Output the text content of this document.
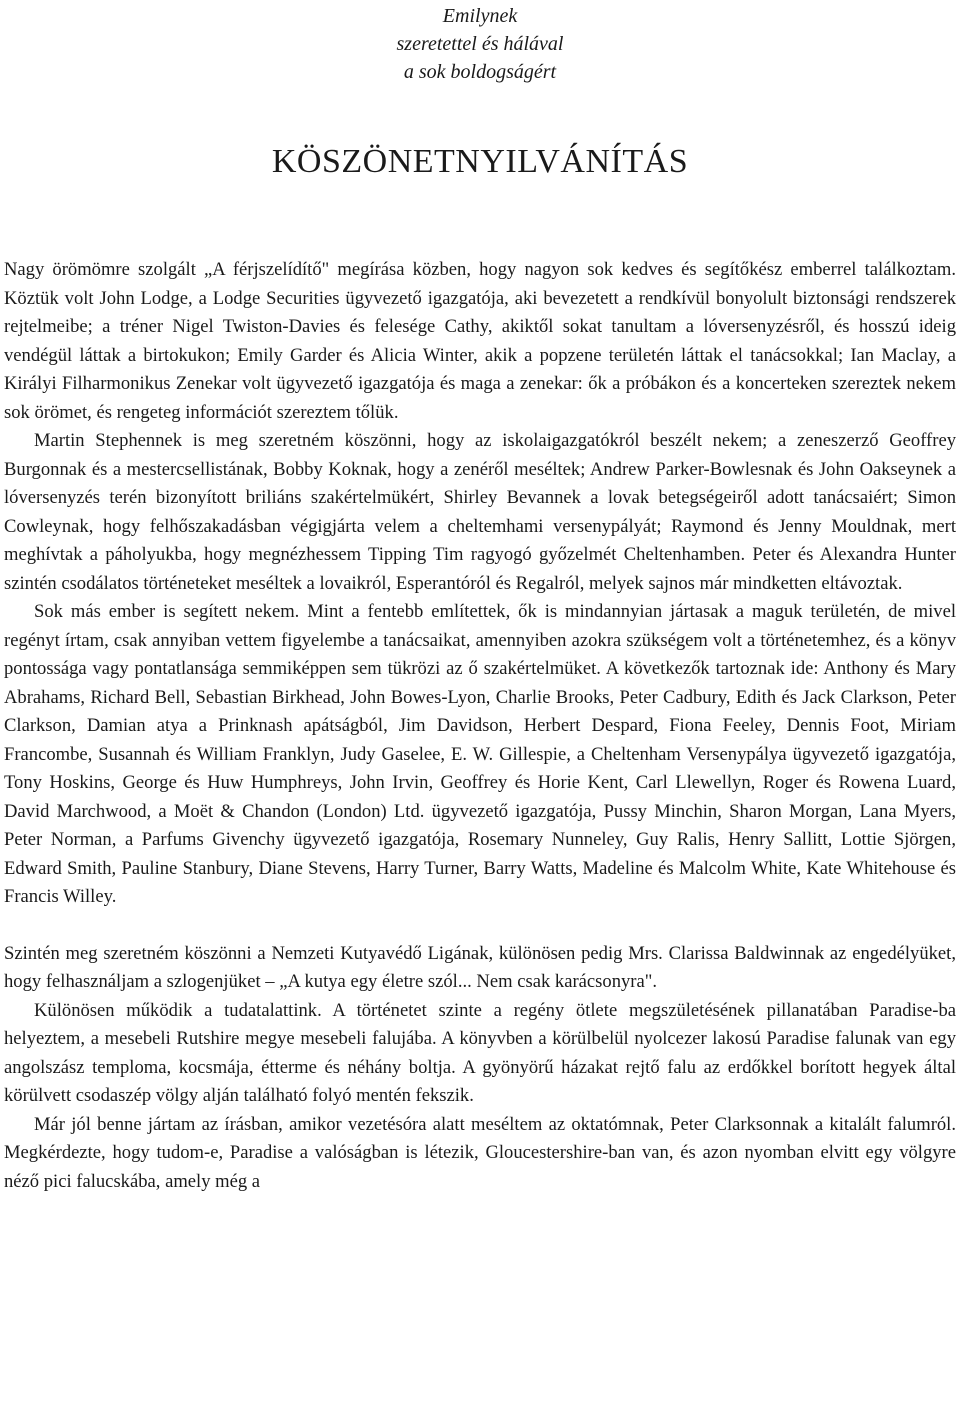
Emilynek
szeretettel és hálával
a sok boldogságért
KÖSZÖNETNYILVÁNÍTÁS

Nagy örömömre szolgált „A férjszelídítő" megírása közben, hogy nagyon sok kedves és segítőkész emberrel találkoztam. Köztük volt John Lodge, a Lodge Securities ügyvezető igazgatója, aki bevezetett a rendkívül bonyolult biztonsági rendszerek rejtelmeibe; a tréner Nigel Twiston-Davies és felesége Cathy, akiktől sokat tanultam a lóversenyzésről, és hosszú ideig vendégül láttak a birtokukon; Emily Garder és Alicia Winter, akik a popzene területén láttak el tanácsokkal; Ian Maclay, a Királyi Filharmonikus Zenekar volt ügyvezető igazgatója és maga a zenekar: ők a próbákon és a koncerteken szereztek nekem sok örömet, és rengeteg információt szereztem tőlük.

Martin Stephennek is meg szeretném köszönni, hogy az iskolaigazgatókról beszélt nekem; a zeneszerző Geoffrey Burgonnak és a mestercsellistának, Bobby Koknak, hogy a zenéről meséltek; Andrew Parker-Bowlesnak és John Oakseynek a lóversenyzés terén bizonyított briliáns szakértelmükért, Shirley Bevannek a lovak betegségeiről adott tanácsaiért; Simon Cowleynak, hogy felhőszakadásban végigjárta velem a cheltemhami versenypályát; Raymond és Jenny Mouldnak, mert meghívtak a páholyukba, hogy megnézhessem Tipping Tim ragyogó győzelmét Cheltenhamben. Peter és Alexandra Hunter szintén csodálatos történeteket meséltek a lovaikról, Esperantóról és Regalról, melyek sajnos már mindketten eltávoztak.

Sok más ember is segített nekem. Mint a fentebb említettek, ők is mindannyian jártasak a maguk területén, de mivel regényt írtam, csak annyiban vettem figyelembe a tanácsaikat, amennyiben azokra szükségem volt a történetemhez, és a könyv pontossága vagy pontatlansága semmiképpen sem tükrözi az ő szakértelmüket. A következők tartoznak ide: Anthony és Mary Abrahams, Richard Bell, Sebastian Birkhead, John Bowes-Lyon, Charlie Brooks, Peter Cadbury, Edith és Jack Clarkson, Peter Clarkson, Damian atya a Prinknash apátságból, Jim Davidson, Herbert Despard, Fiona Feeley, Dennis Foot, Miriam Francombe, Susannah és William Franklyn, Judy Gaselee, E. W. Gillespie, a Cheltenham Versenypálya ügyvezető igazgatója, Tony Hoskins, George és Huw Humphreys, John Irvin, Geoffrey és Horie Kent, Carl Llewellyn, Roger és Rowena Luard, David Marchwood, a Moët & Chandon (London) Ltd. ügyvezető igazgatója, Pussy Minchin, Sharon Morgan, Lana Myers, Peter Norman, a Parfums Givenchy ügyvezető igazgatója, Rosemary Nunneley, Guy Ralis, Henry Sallitt, Lottie Sjörgen, Edward Smith, Pauline Stanbury, Diane Stevens, Harry Turner, Barry Watts, Madeline és Malcolm White, Kate Whitehouse és Francis Willey.

Szintén meg szeretném köszönni a Nemzeti Kutyavédő Ligának, különösen pedig Mrs. Clarissa Baldwinnak az engedélyüket, hogy felhasználjam a szlogenjüket – „A kutya egy életre szól... Nem csak karácsonyra".

Különösen működik a tudatalattink. A történetet szinte a regény ötlete megszületésének pillanatában Paradise-ba helyeztem, a mesebeli Rutshire megye mesebeli falujába. A könyvben a körülbelül nyolcezer lakosú Paradise falunak van egy angolszász temploma, kocsmája, étterme és néhány boltja. A gyönyörű házakat rejtő falu az erdőkkel borított hegyek által körülvett csodaszép völgy alján található folyó mentén fekszik.

Már jól benne jártam az írásban, amikor vezetésóra alatt meséltem az oktatómnak, Peter Clarksonnak a kitalált falumról. Megkérdezte, hogy tudom-e, Paradise a valóságban is létezik, Gloucestershire-ban van, és azon nyomban elvitt egy völgyre néző pici falucskába, amely még a
